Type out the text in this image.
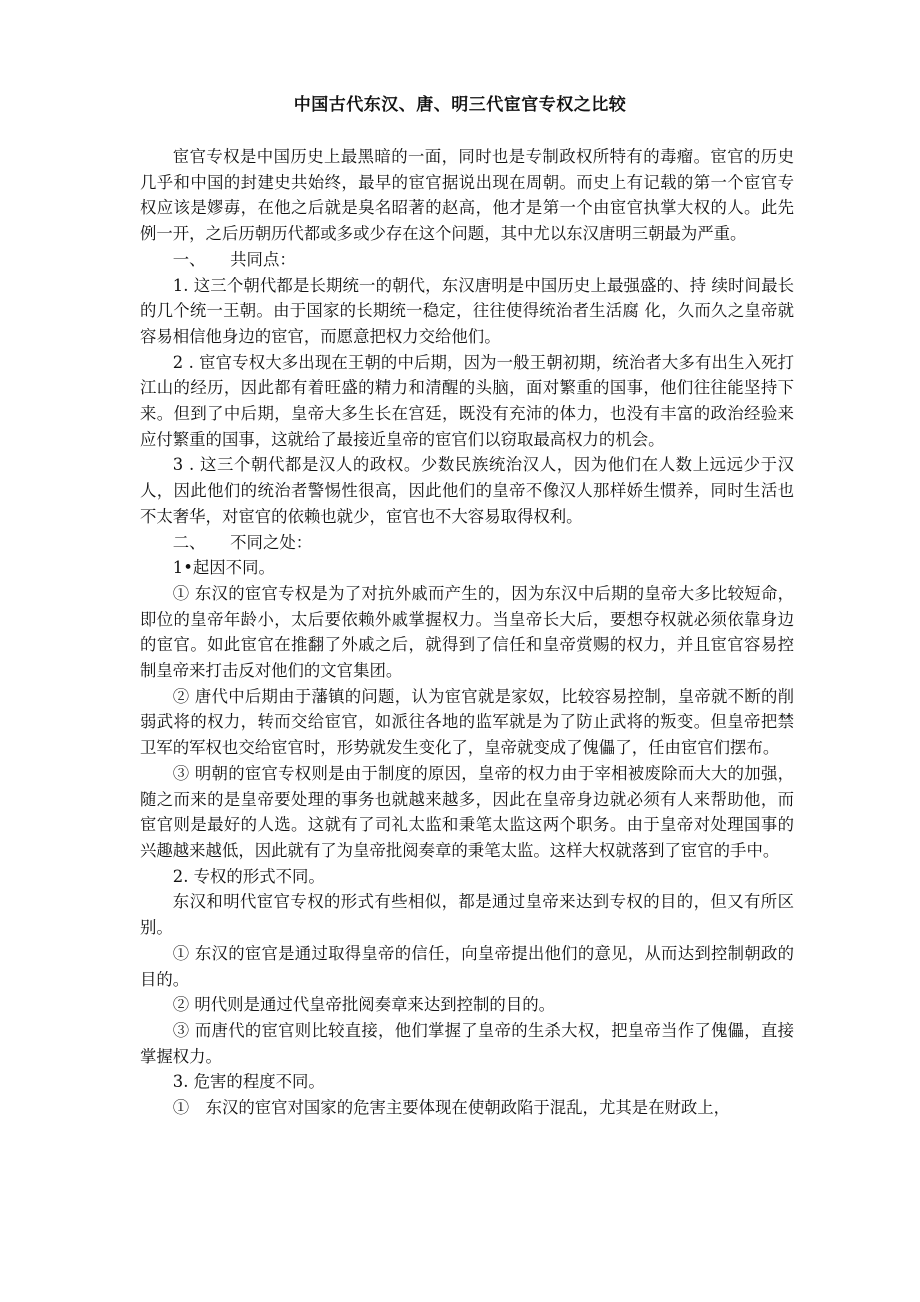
中国古代东汉、唐、明三代宦官专权之比较

宦官专权是中国历史上最黑暗的一面，同时也是专制政权所特有的毒瘤。宦官的历史几乎和中国的封建史共始终，最早的宦官据说出现在周朝。而史上有记载的第一个宦官专权应该是嫪毐，在他之后就是臭名昭著的赵高，他才是第一个由宦官执掌大权的人。此先例一开，之后历朝历代都或多或少存在这个问题，其中尤以东汉唐明三朝最为严重。

一、　　共同点：

1. 这三个朝代都是长期统一的朝代，东汉唐明是中国历史上最强盛的、持 续时间最长的几个统一王朝。由于国家的长期统一稳定，往往使得统治者生活腐 化，久而久之皇帝就容易相信他身边的宦官，而愿意把权力交给他们。

2 . 宦官专权大多出现在王朝的中后期，因为一般王朝初期，统治者大多有出生入死打江山的经历，因此都有着旺盛的精力和清醒的头脑，面对繁重的国事，他们往往能坚持下来。但到了中后期，皇帝大多生长在宫廷，既没有充沛的体力，也没有丰富的政治经验来应付繁重的国事，这就给了最接近皇帝的宦官们以窃取最高权力的机会。

3 . 这三个朝代都是汉人的政权。少数民族统治汉人，因为他们在人数上远远少于汉人，因此他们的统治者警惕性很高，因此他们的皇帝不像汉人那样娇生惯养，同时生活也不太奢华，对宦官的依赖也就少，宦官也不大容易取得权利。

二、　　不同之处：

1•起因不同。

① 东汉的宦官专权是为了对抗外戚而产生的，因为东汉中后期的皇帝大多比较短命，即位的皇帝年龄小，太后要依赖外戚掌握权力。当皇帝长大后，要想夺权就必须依靠身边的宦官。如此宦官在推翻了外戚之后，就得到了信任和皇帝赏赐的权力，并且宦官容易控制皇帝来打击反对他们的文官集团。

② 唐代中后期由于藩镇的问题，认为宦官就是家奴，比较容易控制，皇帝就不断的削弱武将的权力，转而交给宦官，如派往各地的监军就是为了防止武将的叛变。但皇帝把禁卫军的军权也交给宦官时，形势就发生变化了，皇帝就变成了傀儡了，任由宦官们摆布。

③ 明朝的宦官专权则是由于制度的原因，皇帝的权力由于宰相被废除而大大的加强，随之而来的是皇帝要处理的事务也就越来越多，因此在皇帝身边就必须有人来帮助他，而宦官则是最好的人选。这就有了司礼太监和秉笔太监这两个职务。由于皇帝对处理国事的兴趣越来越低，因此就有了为皇帝批阅奏章的秉笔太监。这样大权就落到了宦官的手中。

2. 专权的形式不同。

东汉和明代宦官专权的形式有些相似，都是通过皇帝来达到专权的目的，但又有所区别。

① 东汉的宦官是通过取得皇帝的信任，向皇帝提出他们的意见，从而达到控制朝政的目的。

② 明代则是通过代皇帝批阅奏章来达到控制的目的。

③ 而唐代的宦官则比较直接，他们掌握了皇帝的生杀大权，把皇帝当作了傀儡，直接掌握权力。

3. 危害的程度不同。

①　东汉的宦官对国家的危害主要体现在使朝政陷于混乱，尤其是在财政上，
